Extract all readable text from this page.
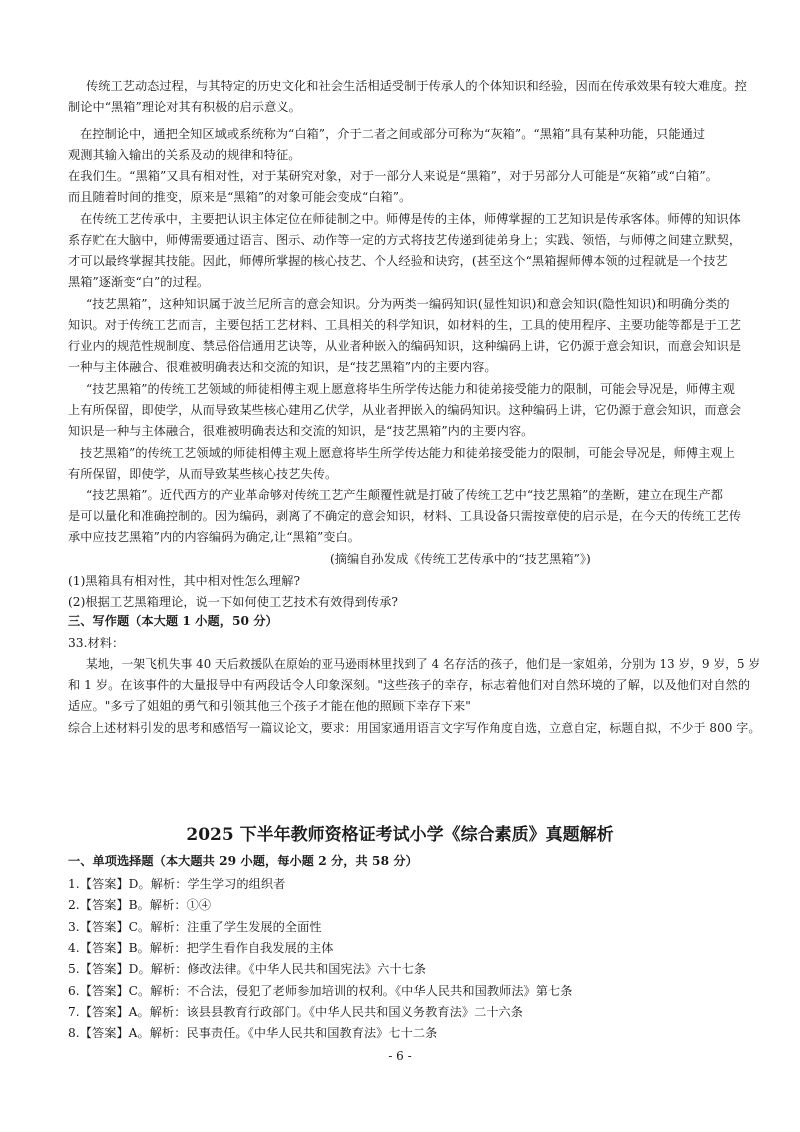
传统工艺动态过程，与其特定的历史文化和社会生活相适受制于传承人的个体知识和经验，因而在传承效果有较大难度。控
制论中“黑箱”理论对其有积极的启示意义。
在控制论中，通把全知区域或系统称为“白箱”，介于二者之间或部分可称为“灰箱”。“黑箱”具有某种功能，只能通过
观测其输入输出的关系及动的规律和特征。
在我们生。“黑箱”又具有相对性，对于某研究对象，对于一部分人来说是“黑箱”，对于另部分人可能是“灰箱”或“白箱”。
而且随着时间的推变，原来是“黑箱”的对象可能会变成“白箱”。
在传统工艺传承中，主要把认识主体定位在师徒制之中。师傅是传的主体，师傅掌握的工艺知识是传承客体。师傅的知识体
系存贮在大脑中，师傅需要通过语言、图示、动作等一定的方式将技艺传递到徒弟身上；实践、领悟，与师傅之间建立默契，
才可以最终掌握其技能。因此，师傅所掌握的核心技艺、个人经验和诀窍，(甚至这个“黑箱握师傅本领的过程就是一个技艺
黑箱”逐渐变“白”的过程。
“技艺黑箱”，这种知识属于波兰尼所言的意会知识。分为两类一编码知识(显性知识)和意会知识(隐性知识)和明确分类的
知识。对于传统工艺而言，主要包括工艺材料、工具相关的科学知识，如材料的生，工具的使用程序、主要功能等都是于工艺
行业内的规范性规制度、禁忌俗信通用艺诀等，从业者种嵌入的编码知识，这种编码上讲，它仍源于意会知识，而意会知识是
一种与主体融合、很难被明确表达和交流的知识，是“技艺黑箱”内的主要内容。
“技艺黑箱”的传统工艺领域的师徒相傅主观上愿意将毕生所学传达能力和徒弟接受能力的限制，可能会导况是，师傅主观
上有所保留，即使学，从而导致某些核心建用乙伏学，从业者押嵌入的编码知识。这种编码上讲，它仍源于意会知识，而意会
知识是一种与主体融合，很难被明确表达和交流的知识，是“技艺黑箱”内的主要内容。
技艺黑箱”的传统工艺领域的师徒相傅主观上愿意将毕生所学传达能力和徒弟接受能力的限制，可能会导况是，师傅主观上
有所保留，即使学，从而导致某些核心技艺失传。
“技艺黑箱”。近代西方的产业革命够对传统工艺产生颠覆性就是打破了传统工艺中“技艺黑箱”的垄断，建立在现生产都
是可以量化和准确控制的。因为编码，剥离了不确定的意会知识，材料、工具设备只需按章使的启示是，在今天的传统工艺传
承中应技艺黑箱”内的内容编码为确定,让“黑箱”变白。
(摘编自孙发成《传统工艺传承中的“技艺黑箱”》)
(1)黑箱具有相对性，其中相对性怎么理解?
(2)根据工艺黑箱理论，说一下如何使工艺技术有效得到传承?
三、写作题（本大题 1 小题，50 分）
33.材料：
某地，一架飞机失事 40 天后救援队在原始的亚马逊雨林里找到了 4 名存活的孩子，他们是一家姐弟，分别为 13 岁，9 岁，5 岁
和 1 岁。在该事件的大量报导中有两段话令人印象深刻。"这些孩子的幸存，标志着他们对自然环境的了解，以及他们对自然的
适应。"多亏了姐姐的勇气和引领其他三个孩子才能在他的照顾下幸存下来"
综合上述材料引发的思考和感悟写一篇议论文，要求：用国家通用语言文字写作角度自选，立意自定，标题自拟，不少于 800 字。
2025 下半年教师资格证考试小学《综合素质》真题解析
一、单项选择题（本大题共 29 小题，每小题 2 分，共 58 分）
1.【答案】D。解析：学生学习的组织者
2.【答案】B。解析：①④
3.【答案】C。解析：注重了学生发展的全面性
4.【答案】B。解析：把学生看作自我发展的主体
5.【答案】D。解析：修改法律。《中华人民共和国宪法》六十七条
6.【答案】C。解析：不合法，侵犯了老师参加培训的权利。《中华人民共和国教师法》第七条
7.【答案】A。解析：该县县教育行政部门。《中华人民共和国义务教育法》二十六条
8.【答案】A。解析：民事责任。《中华人民共和国教育法》七十二条
- 6 -
